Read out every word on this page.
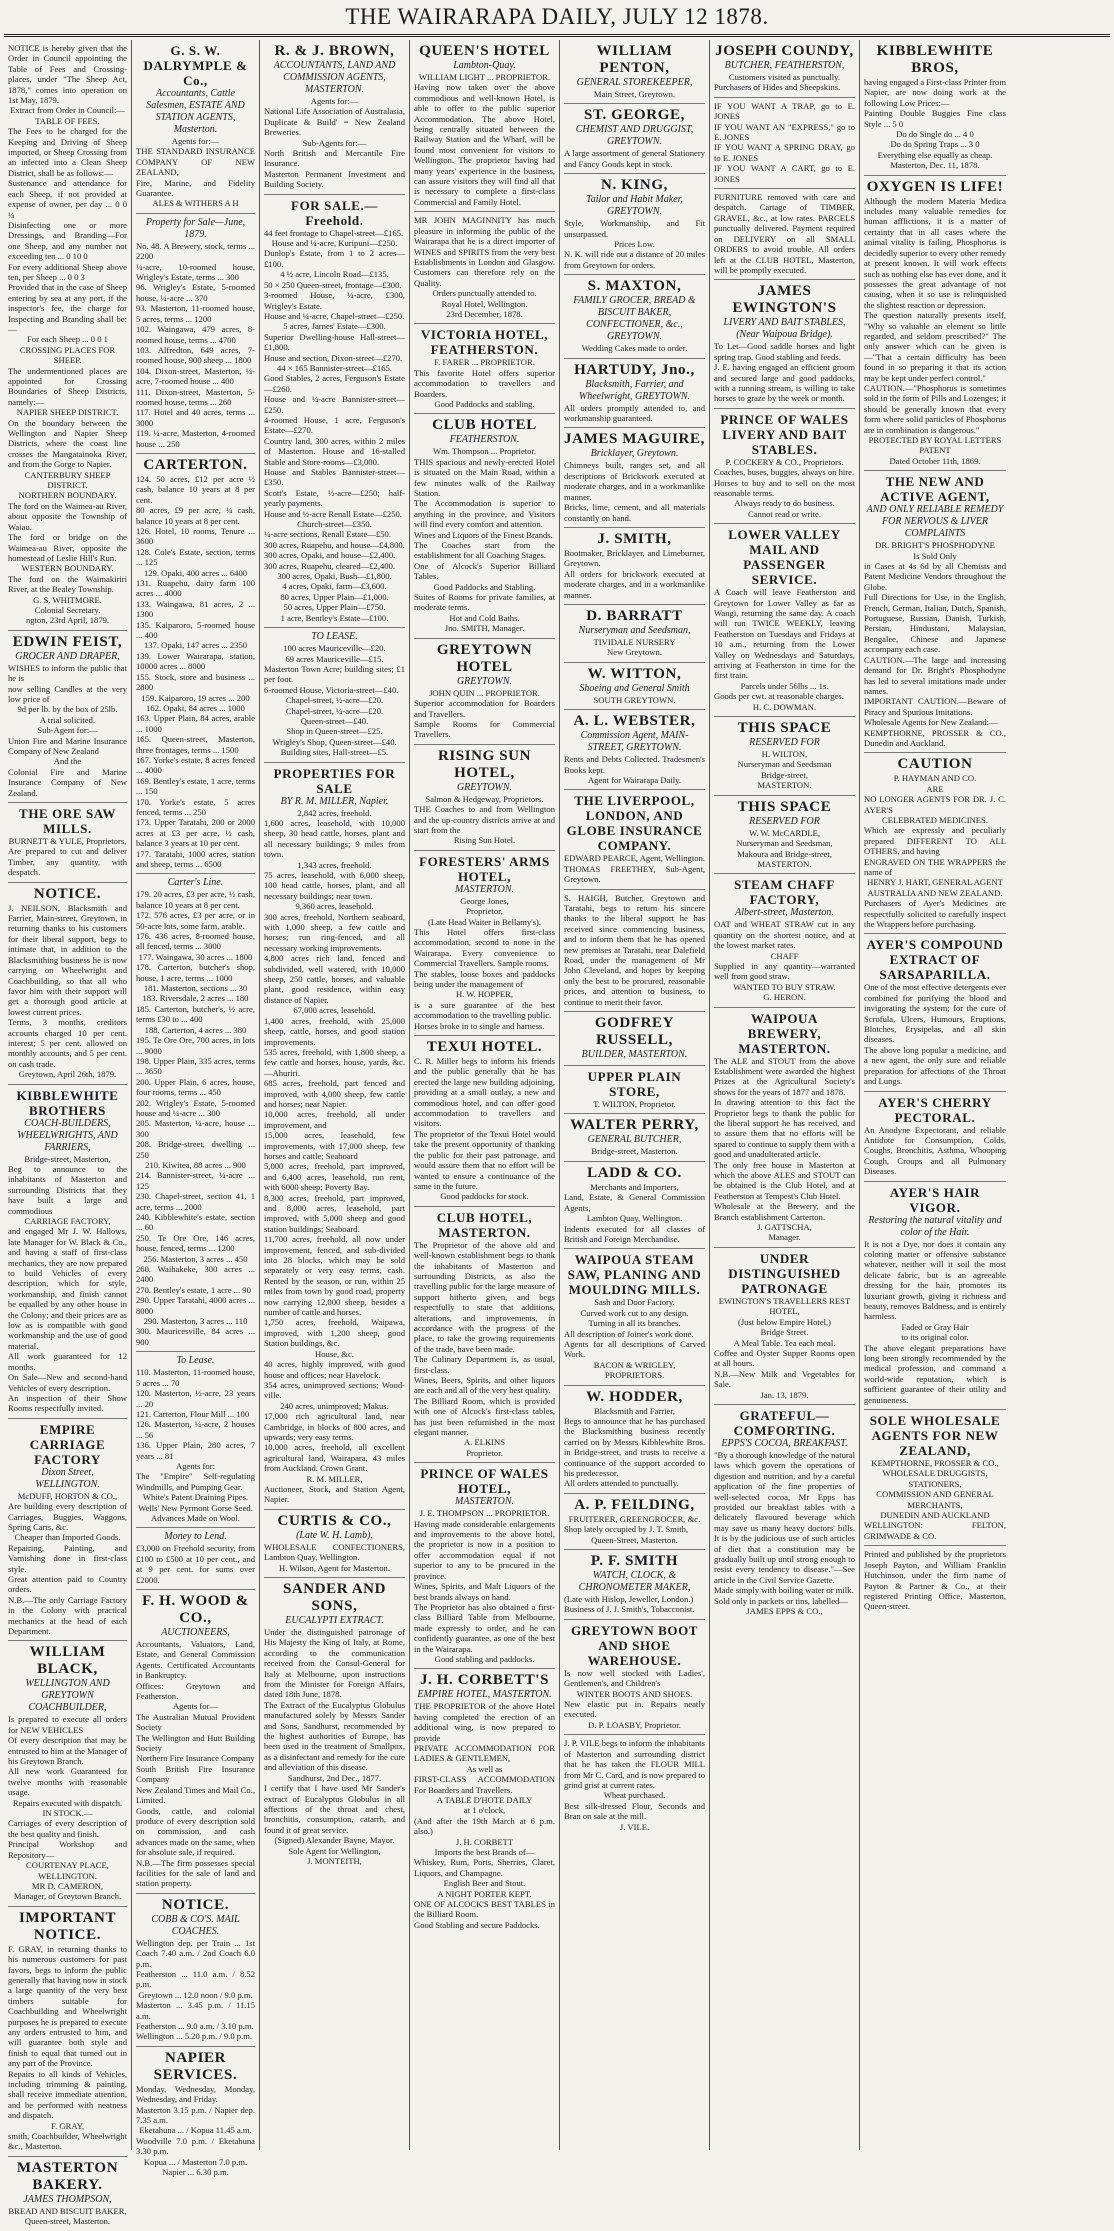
THE WAIRARAPA DAILY, JULY 12 1878.
NOTICE is hereby given that the Order in Council appointing the Table of Fees and Crossing-places, under "The Sheep Act, 1878," comes into operation on 1st May, 1879.
Extract from Order in Council:—
TABLE OF FEES.
The Fees to be charged for the Keeping and Driving of Sheep imported, or Sheep Crossing from an infected into a Clean Sheep District, shall be as follows:—
Sustenance and attendance for each Sheep, if not provided at expense of owner, per day ... 0 0 ¼
Disinfecting one or more Dressings, and Branding—For one Sheep, and any number not exceeding ten ... 0 10 0
For every additional Sheep above ten, per Sheep ... 0 0 3
Provided that in the case of Sheep entering by sea at any port, if the inspector's fee, the charge for Inspecting and Branding shall be:—
For each Sheep ... 0 0 1
CROSSING PLACES FOR SHEEP.
The undermentioned places are appointed for Crossing Boundaries of Sheep Districts, namely:—
NAPIER SHEEP DISTRICT.
On the boundary between the Wellington and Napier Sheep Districts, where the coast line crosses the Mangatainoka River, and from the Gorge to Napier.
CANTERBURY SHEEP DISTRICT.
NORTHERN BOUNDARY.
The ford on the Waimea-au River, about opposite the Township of Waiau.
The ford or bridge on the Waimea-au River, opposite the homestead of Leslie Hill's Run.
WESTERN BOUNDARY.
The ford on the Waimakiriri River, at the Bealey Township.
G. S. WHITMORE.
Colonial Secretary.
ngton, 23rd April, 1879.
EDWIN FEIST,
GROCER AND DRAPER,
WISHES to inform the public that he is
now selling Candles at the very low price of
9d per lb. by the box of 25lb.
A trial solicited.
Sub-Agent for:—
Union Fire and Marine Insurance Company of New Zealand
And the
Colonial Fire and Marine Insurance Company of New Zealand.
THE ORE SAW MILLS.
BURNETT & YULE, Proprietors,
Are prepared to cut and deliver Timber, any quantity, with despatch.
NOTICE.
J. NEILSON, Blacksmith and Farrier, Main-street, Greytown, in returning thanks to his customers for their liberal support, begs to intimate that, in addition to the Blacksmithing business he is now carrying on Wheelwright and Coachbuilding, so that all who favor him with their support will get a thorough good article at lowest current prices.
Terms, 3 months, creditors accounts charged 10 per cent. interest; 5 per cent. allowed on monthly accounts, and 5 per cent. on cash trade.
Greytown, April 26th, 1879.
KIBBLEWHITE BROTHERS
COACH-BUILDERS, WHEELWRIGHTS, AND FARRIERS,
Bridge-street, Masterton,
Beg to announce to the inhabitants of Masterton and surrounding Districts that they have built a large and commodious
CARRIAGE FACTORY,
and engaged Mr J. W. Hallows, late Manager for W. Black & Co., and having a staff of first-class mechanics, they are now prepared to build Vehicles of every description, which for style, workmanship, and finish cannot be equalled by any other house in the Colony; and their prices are as low as is compatible with good workmanship and the use of good material.
All work guaranteed for 12 months.
On Sale—New and second-hand Vehicles of every description.
An inspection of their Show Rooms respectfully invited.
EMPIRE CARRIAGE FACTORY
Dixon Street, WELLINGTON.
McDUFF, HORTON & CO.,
Are building every description of Carriages, Buggies, Waggons, Spring Carts, &c.
Cheaper than Imported Goods.
Repairing, Painting, and Varnishing done in first-class style.
Great attention paid to Country orders.
N.B.—The only Carriage Factory in the Colony with practical mechanics at the head of each Department.
WILLIAM BLACK,
WELLINGTON AND GREYTOWN COACHBUILDER,
Is prepared to execute all orders for NEW VEHICLES
Of every description that may be entrusted to him at the Manager of his Greytown Branch.
All new work Guaranteed for twelve months with reasonable usage.
Repairs executed with dispatch.
IN STOCK.—
Carriages of every description of the best quality and finish.
Principal Workshop and Repository—
COURTENAY PLACE, WELLINGTON.
MR D. CAMERON,
Manager, of Greytown Branch.
IMPORTANT NOTICE.
F. GRAY, in returning thanks to his numerous customers for past favors, begs to inform the public generally that having now in stock a large quantity of the very best timbers suitable for Coachbuilding and Wheelwright purposes he is prepared to execute any orders entrusted to him, and will guarantee both style and finish to equal that turned out in any part of the Province.
Repairs to all kinds of Vehicles, including trimming & painting, shall receive immediate attention, and be performed with neatness and dispatch.
F. GRAY,
smith, Coachbuilder, Wheelwright &c., Masterton.
MASTERTON BAKERY.
JAMES THOMPSON,
BREAD AND BISCUIT BAKER,
Queen-street, Masterton.
G. S. W. DALRYMPLE & Co.,
Accountants, Cattle Salesmen, ESTATE AND STATION AGENTS, Masterton.
Agents for:—
THE STANDARD INSURANCE COMPANY OF NEW ZEALAND,
Fire, Marine, and Fidelity Guarantee.
ALES & WITHERS A H
Property for Sale—June, 1879.
No. 48. A Brewery, stock, terms ... 2200
¼-acre, 10-roomed house, Wrigley's Estate, terms ... 300
96. Wrigley's Estate, 5-roomed house, ¼-acre ... 370
93. Masterton, 11-roomed house, 5 acres, terms ... 1200
102. Waingawa, 479 acres, 8-roomed house, terms ... 4700
103. Alfredton, 649 acres, 7-roomed house, 900 sheep ... 1800
104. Dixon-street, Masterton, ¼-acre, 7-roomed house ... 400
111. Dixon-street, Masterton, 5-roomed house, terms ... 260
117. Hotel and 40 acres, terms ... 3000
119. ¼-acre, Masterton, 4-roomed house ... 250
CARTERTON.
124. 50 acres, £12 per acre ½ cash, balance 10 years at 8 per cent.
80 acres, £9 per acre, ¼ cash, balance 10 years at 8 per cent.
126. Hotel, 10 rooms, Tenure ... 3600
128. Cole's Estate, section, terms ... 125
129. Opaki, 400 acres ... 6400
131. Ruapehu, dairy farm 100 acres ... 4000
133. Waingawa, 81 acres, 2 ... 1300
135. Kaiparoro, 5-roomed house ... 400
137. Opaki, 147 acres ... 2350
139. Lower Wairarapa, station, 10000 acres ... 8000
155. Stock, store and business ... 2800
159. Kaiparoro, 19 acres ... 200
162. Opaki, 84 acres ... 1000
163. Upper Plain, 84 acres, arable ... 1000
165. Queen-street, Masterton, three frontages, terms ... 1500
167. Yorke's estate, 8 acres fenced ... 4000
169. Bentley's estate, 1 acre, terms ... 150
170. Yorke's estate, 5 acres fenced, terms ... 250
173. Upper Taratahi, 200 or 2000 acres at £3 per acre, ½ cash, balance 3 years at 10 per cent.
177. Taratahi, 1000 acres, station and sheep, terms ... 6500
Carter's Line.
179. 20 acres, £3 per acre, ½ cash, balance 10 years at 8 per cent.
172. 576 acres, £3 per acre, or in 50-acre lots, some farm, arable.
176. 436 acres, 8-roomed house, all fenced, terms ... 3000
177. Waingawa, 30 acres ... 1800
178. Carterton, butcher's shop, house, 1 acre, terms ... 1000
181. Masterton, sections ... 30
183. Riversdale, 2 acres ... 180
185. Carterton, butcher's, ½ acre, terms £30 to ... 400
188. Carterton, 4 acres ... 380
195. Te Ore Ore, 700 acres, in lots ... 9000
198. Upper Plain, 335 acres, terms ... 3650
200. Upper Plain, 6 acres, house, four rooms, terms ... 450
202. Wrigley's Estate, 5-roomed house and ¼-acre ... 300
205. Masterton, ¼-acre, house ... 300
208. Bridge-street, dwelling ... 250
210. Kiwitea, 88 acres ... 900
214. Bannister-street, ¼-acre ... 125
230. Chapel-street, section 41, 1 acre, terms ... 2000
240. Kibblewhite's estate, section ... 60
250. Te Ore Ore, 146 acres, house, fenced, terms ... 1200
256. Masterton, 3 acres ... 450
260. Waihakeke, 300 acres ... 2400
270. Bentley's estate, 1 acre ... 90
290. Upper Taratahi, 4000 acres ... 8000
290. Masterton, 3 acres ... 110
300. Mauricesville, 84 acres ... 900
To Lease.
110. Masterton, 11-roomed house, 5 acres ... 70
120. Masterton, ½-acre, 23 years ... 20
121. Carterton, Flour Mill ... 100
126. Masterton, ¼-acre, 2 houses ... 56
136. Upper Plain, 280 acres, 7 years ... 81
Agents for:
The "Empire" Self-regulating Windmills, and Pumping Gear.
White's Patent Draining Pipes.
Wells' New Pyrmont Gorse Seed.
Advances Made on Wool.
Money to Lend.
£3,000 on Freehold security, from £100 to £500 at 10 per cent., and at 9 per cent. for sums over £2000.
F. H. WOOD & CO.,
AUCTIONEERS,
Accountants, Valuators, Land, Estate, and General Commission Agents. Certificated Accountants in Bankruptcy.
Offices: Greytown and Featherston.
Agents for—
The Australian Mutual Provident Society
The Wellington and Hutt Building Society
Northern Fire Insurance Company
South British Fire Insurance Company
New Zealand Times and Mail Co., Limited.
Goods, cattle, and colonial produce of every description sold on commission, and cash advances made on the same, when for absolute sale, if required.
N.B.—The firm possesses special facilities for the sale of land and station property.
NOTICE.
COBB & CO'S. MAIL COACHES.
Wellington dep. per Train ... 1st Coach 7.40 a.m. / 2nd Coach 6.0 p.m.
Featherston ... 11.0 a.m. / 8.52 p.m.
Greytown ... 12.0 noon / 9.0 p.m.
Masterton ... 3.45 p.m. / 11.15 a.m.
Featherston ... 9.0 a.m. / 3.10 p.m.
Wellington ... 5.20 p.m. / 9.0 p.m.
NAPIER SERVICES.
Monday, Wednesday, Monday, Wednesday, and Friday.
Masterton 3.15 p.m. / Napier dep. 7.35 a.m.
Eketahuna ... / Kopua 11.45 a.m.
Woodville 7.0 p.m. / Eketahuna 3.30 p.m.
Kopua ... / Masterton 7.0 p.m.
Napier ... 6.30 p.m.
R. & J. BROWN,
ACCOUNTANTS, LAND AND COMMISSION AGENTS, MASTERTON.
Agents for:—
National Life Association of Australasia, Duplicate & Build' = New Zealand Breweries.
Sub-Agents for:—
North British and Mercantile Fire Insurance.
Masterton Permanent Investment and Building Society.
FOR SALE.—Freehold.
44 feet frontage to Chapel-street—£165.
House and ¼-acre, Kuripuni—£250.
Dunlop's Estate, from 1 to 2 acres—£100.
4 ½ acre, Lincoln Road—£135.
50 × 250 Queen-street, frontage—£300.
3-roomed House, ¼-acre, £300, Wrigley's Estate.
House and ¼-acre, Chapel-street—£250.
5 acres, Jarnes' Estate—£300.
Superior Dwelling-house Hall-street—£1,800.
House and section, Dixon-street—£270.
44 × 165 Bannister-street—£165.
Good Stables, 2 acres, Ferguson's Estate—£260.
House and ¼-acre Bannister-street—£250.
4-roomed House, 1 acre, Ferguson's Estate—£270.
Country land, 300 acres, within 2 miles of Masterton. House and 16-stalled Stable and Store-rooms—£3,000.
House and Stables Bannister-street—£350.
Scott's Estate, ½-acre—£250; half-yearly payments.
House and ½-acre Renall Estate—£250.
Church-street—£350.
¼-acre sections, Renall Estate—£50.
300 acres, Ruapehu, and house—£4,800.
300 acres, Opaki, and house—£2,400.
300 acres, Ruapehu, cleared—£2,400.
300 acres, Opaki, Bush—£1,800.
4 acres, Opaki, farm—£3,600.
80 acres, Upper Plain—£1,000.
50 acres, Upper Plain—£750.
1 acre, Bentley's Estate—£100.
TO LEASE.
100 acres Mauriceville—£20.
69 acres Mauriceville—£15.
Masterton Town Acre; building sites; £1 per foot.
6-roomed House, Victoria-street—£40.
Chapel-street, ½-acre—£20.
Chapel-street, ¼-acre—£20.
Queen-street—£40.
Shop in Queen-street—£25.
Wrigley's Shop, Queen-street—£40.
Building sites, Hall-street—£5.
PROPERTIES FOR SALE
BY R. M. MILLER, Napier.
2,842 acres, freehold.
1,600 acres, leasehold, with 10,000 sheep, 30 head cattle, horses, plant and all necessary buildings; 9 miles from town.
1,343 acres, freehold.
75 acres, leasehold, with 6,000 sheep, 100 head cattle, horses, plant, and all necessary buildings; near town.
9,360 acres, leasehold.
300 acres, freehold, Northern seaboard, with 1,000 sheep, a few cattle and horses; run ring-fenced, and all necessary working improvements.
4,800 acres rich land, fenced and subdivided, well watered, with 10,000 sheep, 250 cattle, horses, and valuable plant, good residence, within easy distance of Napier.
67,000 acres, leasehold.
1,400 acres, freehold, with 25,000 sheep, cattle, horses, and good station improvements.
535 acres, freehold, with 1,800 sheep, a few cattle and horses, house, yards, &c.—Ahuriri.
685 acres, freehold, part fenced and improved, with 4,000 sheep, few cattle and horses; near Napier.
10,000 acres, freehold, all under improvement, and
15,000 acres, leasehold, few improvements, with 17,000 sheep, few horses and cattle; Seaboard
5,000 acres, freehold, part improved, and 6,400 acres, leasehold, run rent, with 6000 sheep; Poverty Bay.
8,300 acres, freehold, part improved, and 8,000 acres, leasehold, part improved, with 5,000 sheep and good station buildings; Seaboard.
11,700 acres, freehold, all now under improvement, fenced, and sub-divided into 28 blocks, which may be sold separately or very easy terms, cash. Rented by the season, or run, within 25 miles from town by good road, property now carrying 12,000 sheep, besides a number of cattle and horses.
1,750 acres, freehold, Waipawa, improved, with 1,200 sheep, good Station buildings, &c.
House, &c.
40 acres, highly improved, with good house and offices; near Havelock.
354 acres, unimproved sections; Wood-ville.
240 acres, unimproved; Makus.
17,000 rich agricultural land, near Cambridge, in blocks of 800 acres, and upwards; very easy terms.
10,000 acres, freehold, all excellent agricultural land, Wairapara, 43 miles from Auckland. Crown Grant.
R. M. MILLER,
Auctioneer, Stock, and Station Agent, Napier.
CURTIS & CO.,
(Late W. H. Lamb),
WHOLESALE CONFECTIONERS, Lambton Quay, Wellington.
H. Wilson, Agent for Masterton.
SANDER AND SONS,
EUCALYPTI EXTRACT.
Under the distinguished patronage of His Majesty the King of Italy, at Rome, according to the communication received from the Consul-General for Italy at Melbourne, upon instructions from the Minister for Foreign Affairs, dated 18th June, 1878.
The Extract of the Eucalyptus Globulus manufactured solely by Messrs Sander and Sons, Sandhurst, recommended by the highest authorities of Europe, has been used in the treatment of Smallpox, as a disinfectant and remedy for the cure and alleviation of this disease.
Sandhurst, 2nd Dec., 1877.
I certify that I have used Mr Sander's extract of Eucalyptus Globulus in all affections of the throat and chest, bronchitis, consumption, catarrh, and found it of great service.
(Signed) Alexander Bayne, Mayor.
Sole Agent for Wellington,
J. MONTEITH,
QUEEN'S HOTEL
Lambton-Quay.
WILLIAM LIGHT ... PROPRIETOR.
Having now taken over the above commodious and well-known Hotel, is able to offer to the public superior Accommodation. The above Hotel, being centrally situated between the Railway Station and the Wharf, will be found most convenient for visitors to Wellington. The proprietor having had many years' experience in the business, can assure visitors they will find all that is necessary to complete a first-class Commercial and Family Hotel.
MR JOHN MAGINNITY has much pleasure in informing the public of the Wairarapa that he is a direct importer of WINES and SPIRITS from the very best Establishments in London and Glasgow. Customers can therefore rely on the Quality.
Orders punctually attended to.
Royal Hotel, Wellington.
23rd December, 1878.
VICTORIA HOTEL, FEATHERSTON.
F. FARER ... PROPRIETOR.
This favorite Hotel offers superior accommodation to travellers and Boarders.
Good Paddocks and stabling.
CLUB HOTEL
FEATHERSTON.
Wm. Thompson ... Proprietor.
THIS spacious and newly-erected Hotel is situated on the Main Road, within a few minutes walk of the Railway Station.
The Accommodation is superior to anything in the province, and Visitors will find every comfort and attention.
Wines and Liquors of the Finest Brands.
The Coaches start from the establishment for all Coaching Stages.
One of Alcock's Superior Billiard Tables.
Good Paddocks and Stabling.
Suites of Rooms for private families, at moderate terms.
Hot and Cold Baths.
Jno. SMITH, Manager.
GREYTOWN HOTEL
GREYTOWN.
JOHN QUIN ... PROPRIETOR.
Superior accommodation for Boarders and Travellers.
Sample Rooms for Commercial Travellers.
RISING SUN HOTEL,
GREYTOWN.
Salmon & Hedgeway, Proprietors.
THE Coaches to and from Wellington and the up-country districts arrive at and start from the
Rising Sun Hotel.
FORESTERS' ARMS HOTEL,
MASTERTON.
George Jones,
Proprietor,
(Late Head Waiter in Bellamy's).
This Hotel offers first-class accommodation, second to none in the Wairarapa. Every convenience to Commercial Travellers. Sample rooms.
The stables, loose boxes and paddocks being under the management of
H. W. HOPPER,
is a sure guarantee of the best accommodation to the travelling public.
Horses broke in to single and harness.
TEXUI HOTEL.
C. R. Miller begs to inform his friends and the public generally that he has erected the large new building adjoining, providing at a small outlay, a new and commodious hotel, and can offer good accommodation to travellers and visitors.
The proprietor of the Texui Hotel would take the present opportunity of thanking the public for their past patronage, and would assure them that no effort will be wanted to ensure a continuance of the same in the future.
Good paddocks for stock.
CLUB HOTEL, MASTERTON.
The Proprietor of the above old and well-known establishment begs to thank the inhabitants of Masterton and surrounding Districts, as also the travelling public for the large measure of support hitherto given, and begs respectfully to state that additions, alterations, and improvements, in accordance with the progress of the place, to take the growing requirements of the trade, have been made.
The Culinary Department is, as usual, first-class.
Wines, Beers, Spirits, and other liquors are each and all of the very best quality.
The Billiard Room, which is provided with one of Alcock's first-class tables, has just been refurnished in the most elegant manner.
A. ELKINS
Proprietor.
PRINCE OF WALES HOTEL,
MASTERTON.
J. E. THOMPSON ... PROPRIETOR.
Having made considerable enlargements and improvements to the above hotel, the proprietor is now in a position to offer accommodation equal if not superior to any to be procured in the province.
Wines, Spirits, and Malt Liquors of the best brands always on hand.
The Proprietor has also obtained a first-class Billiard Table from Melbourne, made expressly to order, and he can confidently guarantee, as one of the best in the Wairarapa.
Good stabling and paddocks.
J. H. CORBETT'S
EMPIRE HOTEL, MASTERTON.
THE PROPRIETOR of the above Hotel having completed the erection of an additional wing, is now prepared to provide
PRIVATE ACCOMMODATION FOR LADIES & GENTLEMEN,
As well as
FIRST-CLASS ACCOMMODATION For Boarders and Travellers.
A TABLE D'HOTE DAILY
at 1 o'clock,
(And after the 19th March at 6 p.m. also.)
J. H. CORBETT
Imports the best Brands of—
Whiskey, Rum, Ports, Sherries, Claret, Liquors, and Champagne.
English Beer and Stout.
A NIGHT PORTER KEPT.
ONE OF ALCOCK'S BEST TABLES in the Billiard Room.
Good Stabling and secure Paddocks.
WILLIAM PENTON,
GENERAL STOREKEEPER,
Main Street, Greytown.
ST. GEORGE,
CHEMIST AND DRUGGIST, GREYTOWN.
A large assortment of general Stationery and Fancy Goods kept in stock.
N. KING,
Tailor and Habit Maker, GREYTOWN.
Style, Workmanship, and Fit unsurpassed.
Prices Low.
N. K. will ride out a distance of 20 miles from Greytown for orders.
S. MAXTON,
FAMILY GROCER, BREAD & BISCUIT BAKER, CONFECTIONER, &c., GREYTOWN.
Wedding Cakes made to order.
HARTUDY, Jno.,
Blacksmith, Farrier, and Wheelwright, GREYTOWN.
All orders promptly attended to, and workmanship guaranteed.
JAMES MAGUIRE,
Bricklayer, Greytown.
Chimneys built, ranges set, and all descriptions of Brickwork executed at moderate charges, and in a workmanlike manner.
Bricks, lime, cement, and all materials constantly on hand.
J. SMITH,
Bootmaker, Bricklayer, and Limeburner, Greytown.
All orders for brickwork executed at moderate charges, and in a workmanlike manner.
D. BARRATT
Nurseryman and Seedsman,
TIVIDALE NURSERY
New Greytown.
W. WITTON,
Shoeing and General Smith
SOUTH GREYTOWN.
A. L. WEBSTER,
Commission Agent, MAIN-STREET, GREYTOWN.
Rents and Debts Collected. Tradesmen's Books kept.
Agent for Wairarapa Daily.
THE LIVERPOOL, LONDON, AND GLOBE INSURANCE COMPANY.
EDWARD PEARCE, Agent, Wellington.
THOMAS FREETHEY, Sub-Agent, Greytown.
S. HAIGH, Butcher, Greytown and Taratahi, begs to return his sincere thanks to the liberal support he has received since commencing business, and to inform them that he has opened new premises at Taratahi, near Dalefield Road, under the management of Mr John Cleveland, and hopes by keeping only the best to be procured, reasonable prices, and attention to business, to continue to merit their favor.
GODFREY RUSSELL,
BUILDER, MASTERTON.
UPPER PLAIN STORE,
T. WILTON, Proprietor.
WALTER PERRY,
GENERAL BUTCHER,
Bridge-street, Masterton.
LADD & CO.
Merchants and Importers,
Land, Estate, & General Commission Agents,
Lambton Quay, Wellington.
Indents executed for all classes of British and Foreign Merchandise.
WAIPOUA STEAM SAW, PLANING AND MOULDING MILLS.
Sash and Door Factory.
Curved work cut to any design.
Turning in all its branches.
All description of Joiner's work done.
Agents for all descriptions of Carved Work.
BACON & WRIGLEY, PROPRIETORS.
W. HODDER,
Blacksmith and Farrier,
Begs to announce that he has purchased the Blacksmithing business recently carried on by Messrs Kibblewhite Bros. in Bridge-street, and trusts to receive a continuance of the support accorded to his predecessor.
All orders attended to punctually.
A. P. FEILDING,
FRUITERER, GREENGROCER, &c.
Shop lately occupied by J. T. Smith,
Queen-Street, Masterton.
P. F. SMITH
WATCH, CLOCK, & CHRONOMETER MAKER,
(Late with Hislop, Jeweller, London.)
Business of J. J. Smith's, Tobacconist.
GREYTOWN BOOT AND SHOE WAREHOUSE.
Is now well stocked with Ladies', Gentlemen's, and Children's
WINTER BOOTS AND SHOES.
New elastic put in. Repairs neatly executed.
D. P. LOASBY, Proprietor.
J. P. VILE begs to inform the inhabitants of Masterton and surrounding district that he has taken the FLOUR MILL from Mr C. Card, and is now prepared to grind grist at current rates.
Wheat purchased.
Best silk-dressed Flour, Seconds and Bran on sale at the mill.
J. VILE.
JOSEPH COUNDY,
BUTCHER, FEATHERSTON,
Customers visited as punctually.
Purchasers of Hides and Sheepskins.
IF YOU WANT A TRAP, go to E. JONES
IF YOU WANT AN "EXPRESS," go to E. JONES
IF YOU WANT A SPRING DRAY, go to E. JONES
IF YOU WANT A CART, go to E. JONES
FURNITURE removed with care and despatch. Cartage of TIMBER, GRAVEL, &c., at low rates. PARCELS punctually delivered. Payment required on DELIVERY on all SMALL ORDERS to avoid trouble. All orders left at the CLUB HOTEL, Masterton, will be promptly executed.
JAMES EWINGTON'S
LIVERY AND BAIT STABLES, (Near Waipoua Bridge).
To Let—Good saddle horses and light spring trap. Good stabling and feeds.
J. E. having engaged an efficient groom and secured large and good paddocks, with a running stream, is willing to take horses to graze by the week or month.
PRINCE OF WALES LIVERY AND BAIT STABLES.
P. COCKERY & CO., Proprietors.
Coaches, buses, buggies, always on hire.
Horses to buy and to sell on the most reasonable terms.
Always ready to do business.
Cannot read or write.
LOWER VALLEY MAIL AND PASSENGER SERVICE.
A Coach will leave Featherston and Greytown for Lower Valley as far as Wangi, returning the same day. A coach will run TWICE WEEKLY, leaving Featherston on Tuesdays and Fridays at 10 a.m., returning from the Lower Valley on Wednesdays and Saturdays, arriving at Featherston in time for the first train.
Parcels under 56lbs ... 1s.
Goods per cwt. at reasonable charges.
H. C. DOWMAN.
THIS SPACE
RESERVED FOR
H. WILTON,
Nurseryman and Seedsman
Bridge-street,
MASTERTON.
THIS SPACE
RESERVED FOR
W. W. McCARDLE,
Nurseryman and Seedsman,
Makoura and Bridge-street,
MASTERTON.
STEAM CHAFF FACTORY,
Albert-street, Masterton.
OAT and WHEAT STRAW cut in any quantity on the shortest notice, and at the lowest market rates.
CHAFF
Supplied in any quantity—warranted well from good straw.
WANTED TO BUY STRAW.
G. HERON.
WAIPOUA BREWERY, MASTERTON.
The ALE and STOUT from the above Establishment were awarded the highest Prizes at the Agricultural Society's shows for the years of 1877 and 1878.
In drawing attention to this fact the Proprietor begs to thank the public for the liberal support he has received, and to assure them that no efforts will be spared to continue to supply them with a good and unadulterated article.
The only free house in Masterton at which the above ALES and STOUT can be obtained is the Club Hotel, and at Featherston at Tempest's Club Hotel.
Wholesale at the Brewery, and the Branch establishment Carterton.
J. GATTSCHA,
Manager.
UNDER DISTINGUISHED PATRONAGE
EWINGTON'S TRAVELLERS REST HOTEL,
(Just below Empire Hotel,)
Bridge Street.
A Meal Table. Tea each meal.
Coffee and Oyster Supper Rooms open at all hours.
N.B.—New Milk and Vegetables for Sale.
Jan. 13, 1879.
GRATEFUL—COMFORTING.
EPPS'S COCOA, BREAKFAST.
"By a thorough knowledge of the natural laws which govern the operations of digestion and nutrition, and by a careful application of the fine properties of well-selected cocoa, Mr Epps has provided our breakfast tables with a delicately flavoured beverage which may save us many heavy doctors' bills. It is by the judicious use of such articles of diet that a constitution may be gradually built up until strong enough to resist every tendency to disease."—See article in the Civil Service Gazette.
Made simply with boiling water or milk.
Sold only in packets or tins, labelled—
JAMES EPPS & CO.,
KIBBLEWHITE BROS,
having engaged a First-class Printer from Napier, are now doing work at the following Low Prices:—
Painting Double Buggies Fine class Style ... 5 0
Do do Single do ... 4 0
Do do Spring Traps ... 3 0
Everything else equally as cheap.
Masterton, Dec. 11, 1878.
OXYGEN IS LIFE!
Although the modern Materia Medica includes many valuable remedies for human afflictions, it is a matter of certainty that in all cases where the animal vitality is failing, Phosphorus is decidedly superior to every other remedy at present known. It will work effects such as nothing else has ever done, and it possesses the great advantage of not causing, when it so use is relinquished the slightest reaction or depression.
The question naturally presents itself, "Why so valuable an element so little regarded, and seldom prescribed?" The only answer which can be given is—"That a certain difficulty has been found in so preparing it that its action may be kept under perfect control."
CAUTION.—"Phosphorus is sometimes sold in the form of Pills and Lozenges; it should be generally known that every form where solid particles of Phosphorus are in combination is dangerous."
PROTECTED BY ROYAL LETTERS PATENT
Dated October 11th, 1869.
THE NEW AND ACTIVE AGENT,
AND ONLY RELIABLE REMEDY FOR NERVOUS & LIVER COMPLAINTS
DR. BRIGHT'S PHOSPHODYNE
Is Sold Only
in Cases at 4s 6d by all Chemists and Patent Medicine Vendors throughout the Globe.
Full Directions for Use, in the English, French, German, Italian, Dutch, Spanish, Portuguese, Russian, Danish, Turkish, Persian, Hindustani, Malaysian, Bengalee, Chinese and Japanese accompany each case.
CAUTION.—The large and increasing demand for Dr. Bright's Phosphodyne has led to several imitations made under names.
IMPORTANT CAUTION.—Beware of Piracy and Spurious Imitations.
Wholesale Agents for New Zealand:—
KEMPTHORNE, PROSSER & CO., Dunedin and Auckland.
CAUTION
P. HAYMAN AND CO.
ARE
NO LONGER AGENTS FOR DR. J. C. AYER'S
CELEBRATED MEDICINES.
Which are expressly and peculiarly prepared DIFFERENT TO ALL OTHERS, and having
ENGRAVED ON THE WRAPPERS the name of
HENRY J. HART, GENERAL AGENT
AUSTRALIA AND NEW ZEALAND.
Purchasers of Ayer's Medicines are respectfully solicited to carefully inspect the Wrappers before purchasing.
AYER'S COMPOUND EXTRACT OF SARSAPARILLA.
One of the most effective detergents ever combined for purifying the blood and invigorating the system; for the cure of Scrofula, Ulcers, Humours, Eruptions, Blotches, Erysipelas, and all skin diseases.
The above long popular a medicine, and a new agent, the only sure and reliable preparation for affections of the Throat and Lungs.
AYER'S CHERRY PECTORAL.
An Anodyne Expectorant, and reliable Antidote for Consumption, Colds, Coughs, Bronchitis, Asthma, Whooping Cough, Croups and all Pulmonary Diseases.
AYER'S HAIR VIGOR.
Restoring the natural vitality and color of the Hair.
It is not a Dye, nor does it contain any coloring matter or offensive substance whatever, neither will it soil the most delicate fabric, but is an agreeable dressing for the hair, promotes its luxuriant growth, giving it richness and beauty, removes Baldness, and is entirely harmless.
Faded or Gray Hair
to its original color.
The above elegant preparations have long been strongly recommended by the medical profession, and command a world-wide reputation, which is sufficient guarantee of their utility and genuineness.
SOLE WHOLESALE AGENTS FOR NEW ZEALAND,
KEMPTHORNE, PROSSER & CO.,
WHOLESALE DRUGGISTS, STATIONERS,
COMMISSION AND GENERAL MERCHANTS,
DUNEDIN AND AUCKLAND
WELLINGTON: FELTON, GRIMWADE & CO.
Printed and published by the proprietors Joseph Payton, and William Franklin Hutchinson, under the firm name of Payton & Partner & Co., at their registered Printing Office, Masterton, Queen-street.
